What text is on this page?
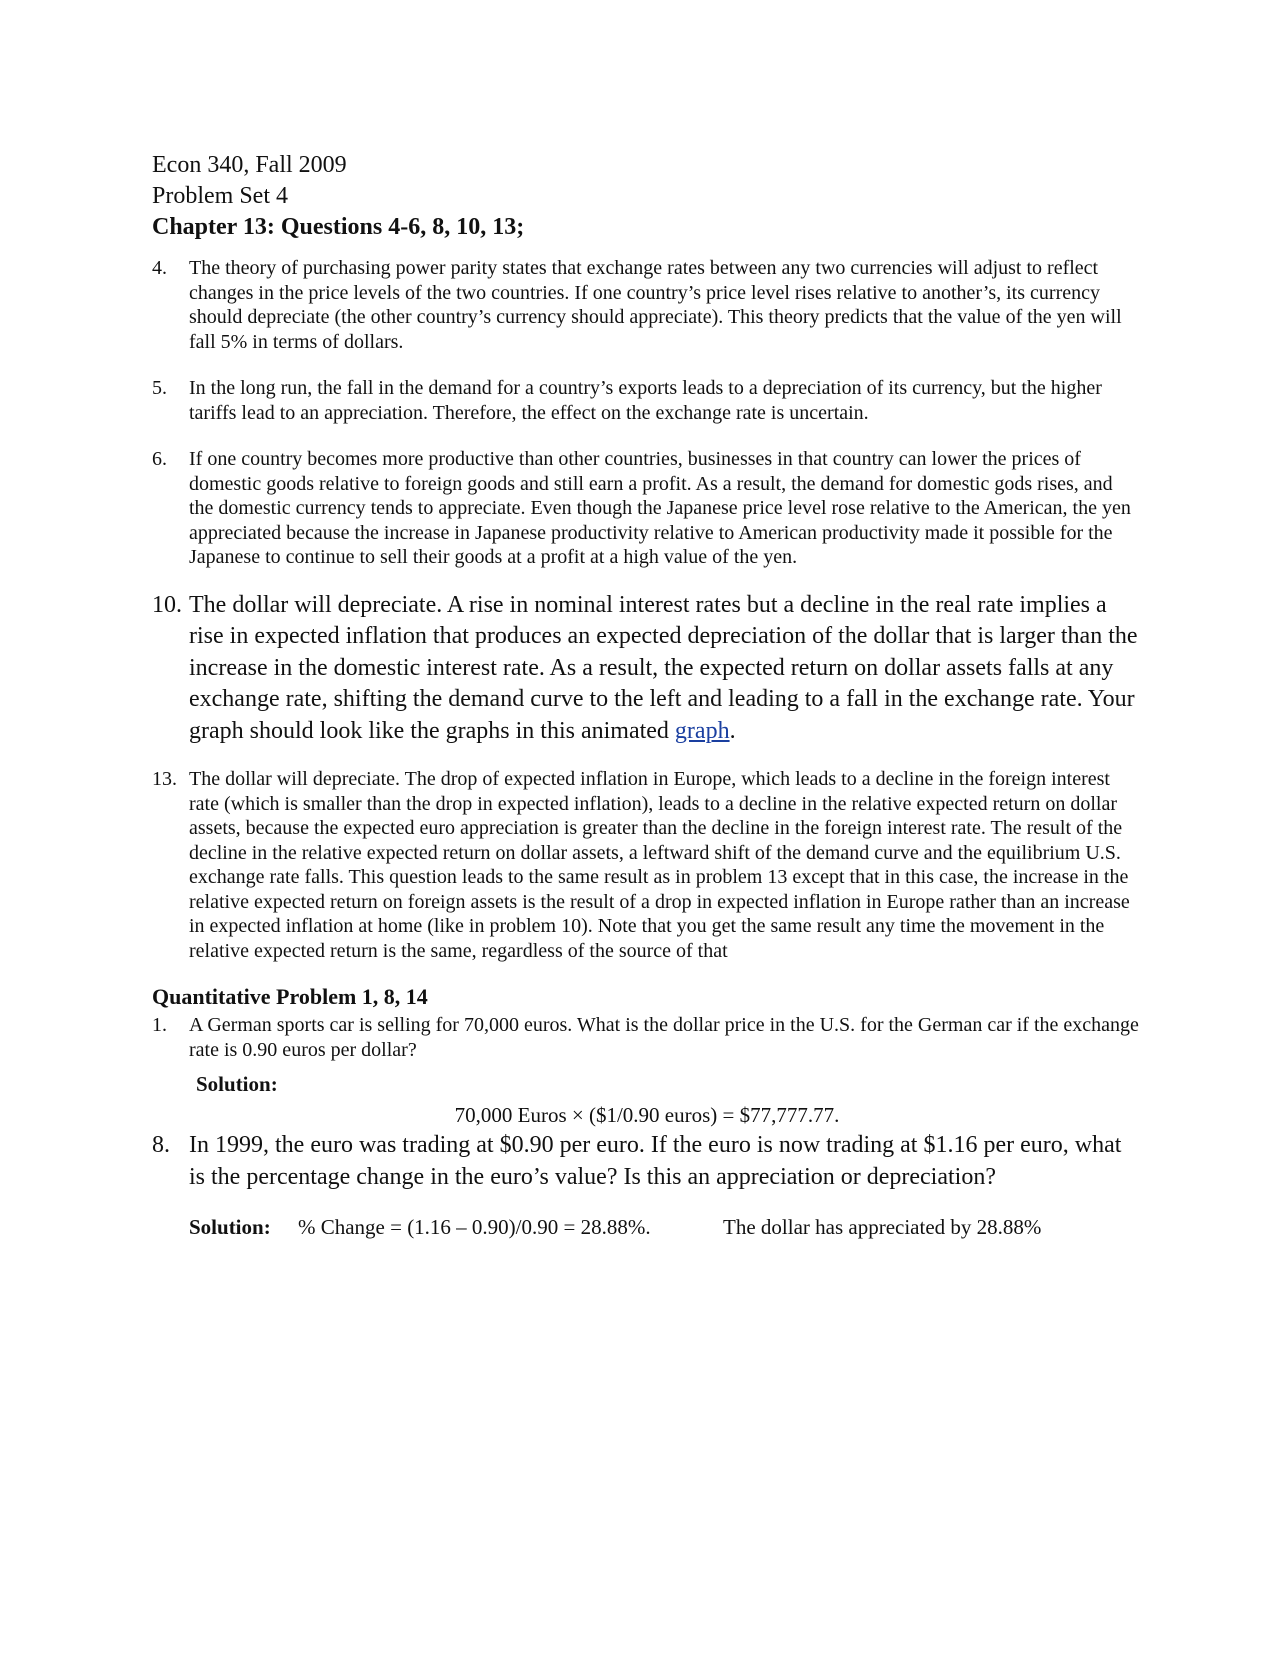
Econ 340, Fall 2009
Problem Set 4
Chapter 13: Questions 4-6, 8, 10, 13;
4. The theory of purchasing power parity states that exchange rates between any two currencies will adjust to reflect changes in the price levels of the two countries. If one country’s price level rises relative to another’s, its currency should depreciate (the other country’s currency should appreciate). This theory predicts that the value of the yen will fall 5% in terms of dollars.
5. In the long run, the fall in the demand for a country’s exports leads to a depreciation of its currency, but the higher tariffs lead to an appreciation. Therefore, the effect on the exchange rate is uncertain.
6. If one country becomes more productive than other countries, businesses in that country can lower the prices of domestic goods relative to foreign goods and still earn a profit. As a result, the demand for domestic gods rises, and the domestic currency tends to appreciate. Even though the Japanese price level rose relative to the American, the yen appreciated because the increase in Japanese productivity relative to American productivity made it possible for the Japanese to continue to sell their goods at a profit at a high value of the yen.
10. The dollar will depreciate. A rise in nominal interest rates but a decline in the real rate implies a rise in expected inflation that produces an expected depreciation of the dollar that is larger than the increase in the domestic interest rate. As a result, the expected return on dollar assets falls at any exchange rate, shifting the demand curve to the left and leading to a fall in the exchange rate. Your graph should look like the graphs in this animated graph.
13. The dollar will depreciate. The drop of expected inflation in Europe, which leads to a decline in the foreign interest rate (which is smaller than the drop in expected inflation), leads to a decline in the relative expected return on dollar assets, because the expected euro appreciation is greater than the decline in the foreign interest rate. The result of the decline in the relative expected return on dollar assets, a leftward shift of the demand curve and the equilibrium U.S. exchange rate falls. This question leads to the same result as in problem 13 except that in this case, the increase in the relative expected return on foreign assets is the result of a drop in expected inflation in Europe rather than an increase in expected inflation at home (like in problem 10). Note that you get the same result any time the movement in the relative expected return is the same, regardless of the source of that
Quantitative Problem 1, 8, 14
1. A German sports car is selling for 70,000 euros. What is the dollar price in the U.S. for the German car if the exchange rate is 0.90 euros per dollar?
Solution:
70,000 Euros × ($1/0.90 euros) = $77,777.77.
8. In 1999, the euro was trading at $0.90 per euro. If the euro is now trading at $1.16 per euro, what is the percentage change in the euro’s value? Is this an appreciation or depreciation?
Solution: % Change = (1.16 – 0.90)/0.90 = 28.88%.	The dollar has appreciated by 28.88%
